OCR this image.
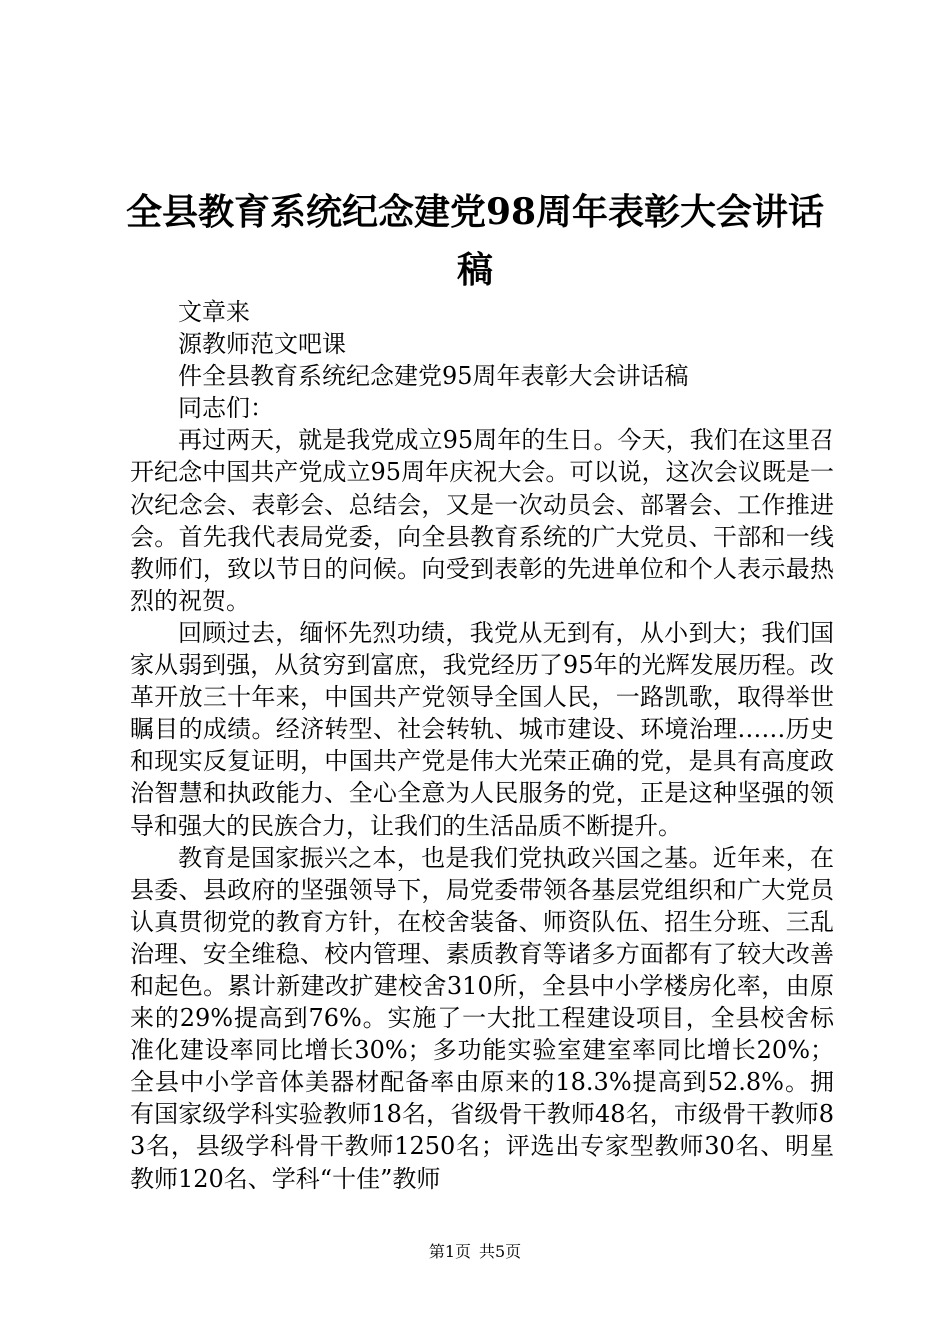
全县教育系统纪念建党98周年表彰大会讲话
稿

文章来

源教师范文吧课

件全县教育系统纪念建党95周年表彰大会讲话稿

同志们：

再过两天，就是我党成立95周年的生日。今天，我们在这里召开纪念中国共产党成立95周年庆祝大会。可以说，这次会议既是一次纪念会、表彰会、总结会，又是一次动员会、部署会、工作推进会。首先我代表局党委，向全县教育系统的广大党员、干部和一线教师们，致以节日的问候。向受到表彰的先进单位和个人表示最热烈的祝贺。

回顾过去，缅怀先烈功绩，我党从无到有，从小到大；我们国家从弱到强，从贫穷到富庶，我党经历了95年的光辉发展历程。改革开放三十年来，中国共产党领导全国人民，一路凯歌，取得举世瞩目的成绩。经济转型、社会转轨、城市建设、环境治理……历史和现实反复证明，中国共产党是伟大光荣正确的党，是具有高度政治智慧和执政能力、全心全意为人民服务的党，正是这种坚强的领导和强大的民族合力，让我们的生活品质不断提升。

教育是国家振兴之本，也是我们党执政兴国之基。近年来，在县委、县政府的坚强领导下，局党委带领各基层党组织和广大党员认真贯彻党的教育方针，在校舍装备、师资队伍、招生分班、三乱治理、安全维稳、校内管理、素质教育等诸多方面都有了较大改善和起色。累计新建改扩建校舍310所，全县中小学楼房化率，由原来的29%提高到76%。实施了一大批工程建设项目，全县校舍标准化建设率同比增长30%；多功能实验室建室率同比增长20%；全县中小学音体美器材配备率由原来的18.3%提高到52.8%。拥有国家级学科实验教师18名，省级骨干教师48名，市级骨干教师83名，县级学科骨干教师1250名；评选出专家型教师30名、明星教师120名、学科“十佳”教师

第1页 共5页
